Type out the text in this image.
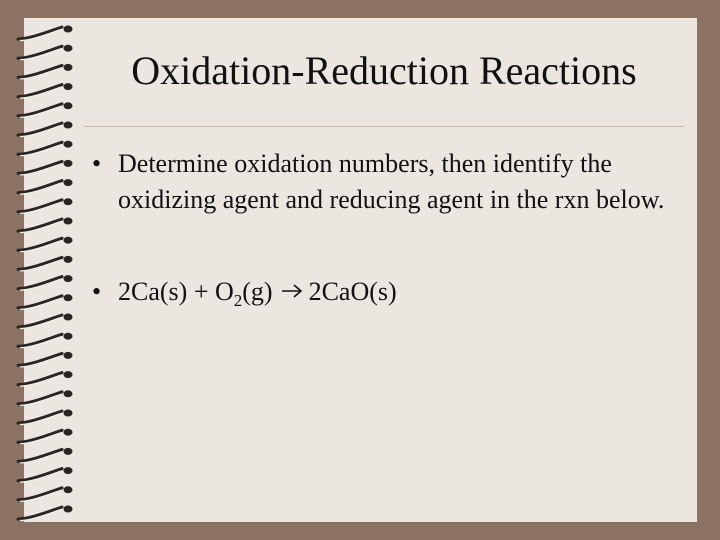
Oxidation-Reduction Reactions
• Determine oxidation numbers, then identify the oxidizing agent and reducing agent in the rxn below.
• $2Ca(s) + O_2(g)$ 2CaO(s)
